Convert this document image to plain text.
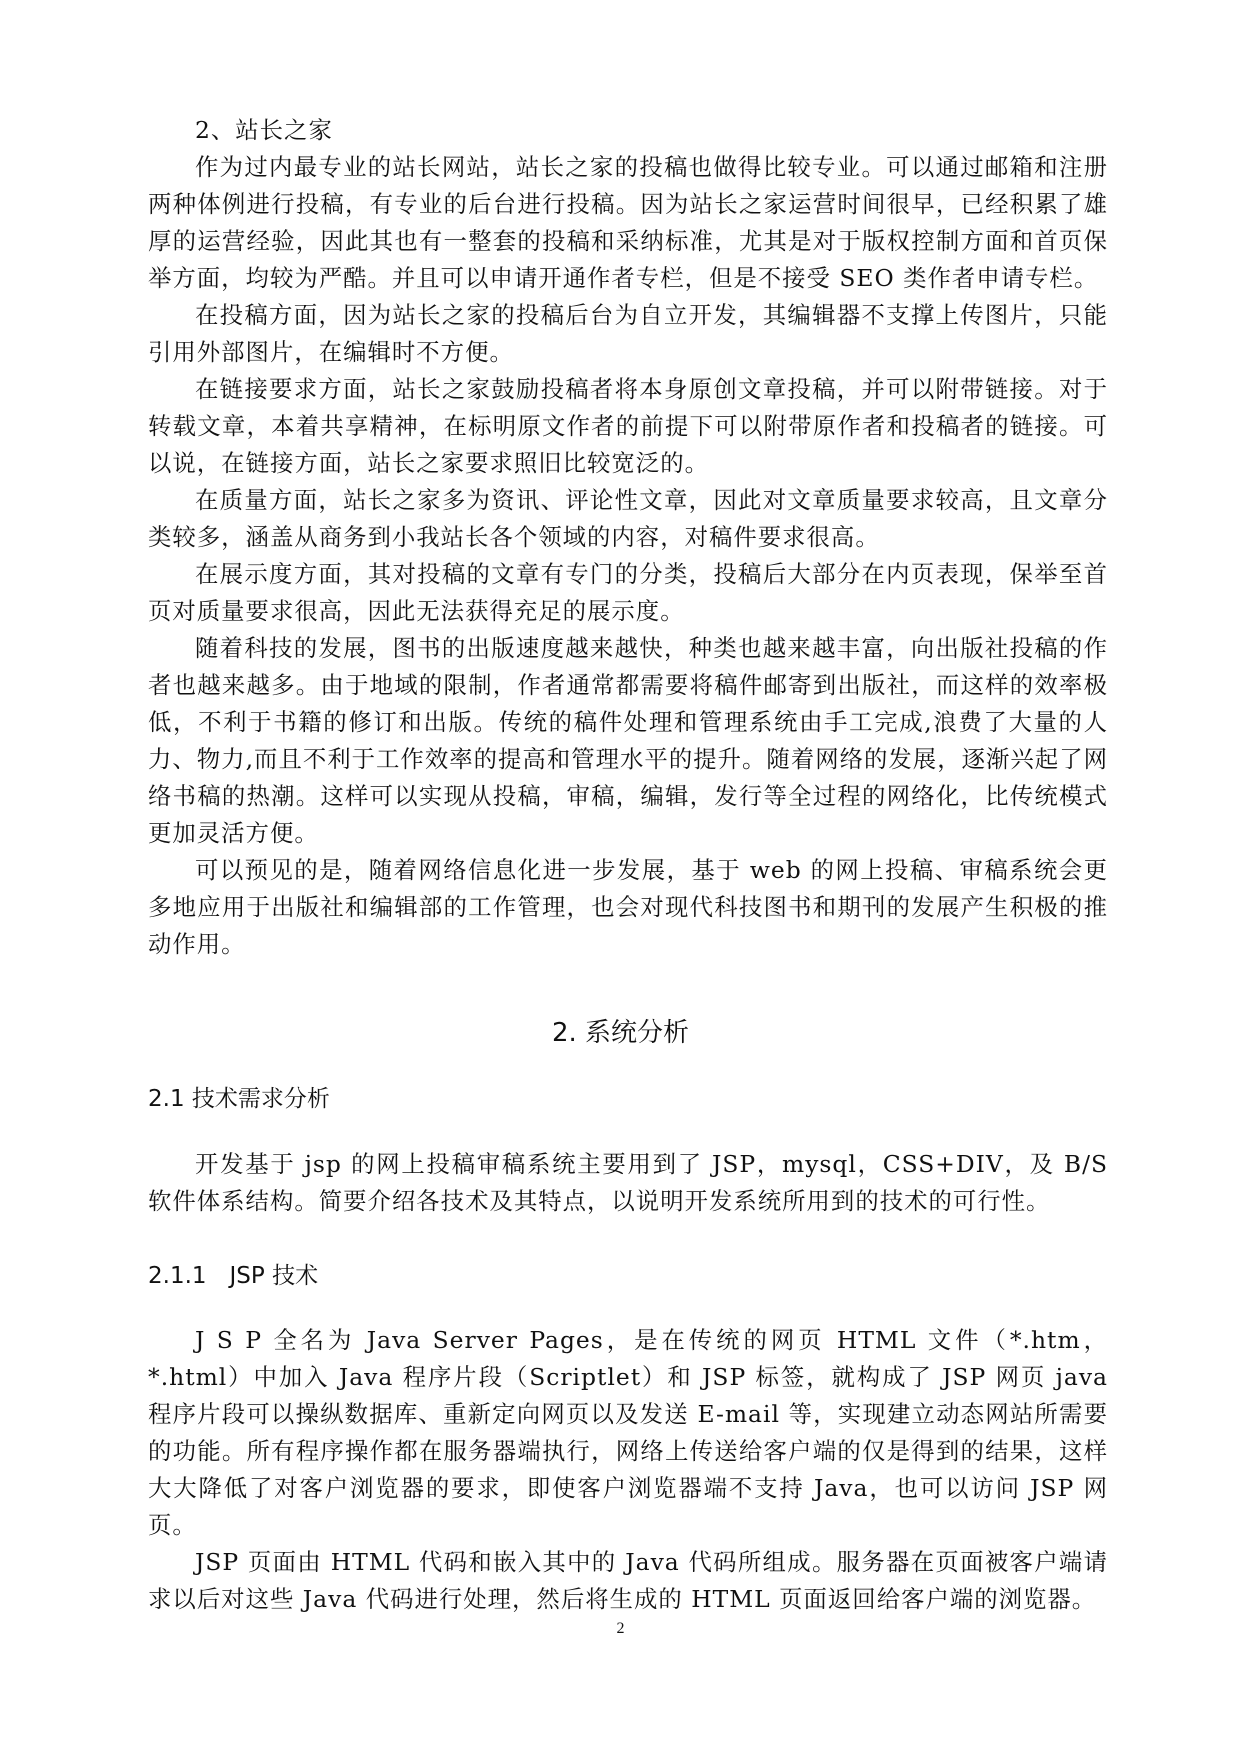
2、站长之家

作为过内最专业的站长网站，站长之家的投稿也做得比较专业。可以通过邮箱和注册两种体例进行投稿，有专业的后台进行投稿。因为站长之家运营时间很早，已经积累了雄厚的运营经验，因此其也有一整套的投稿和采纳标准，尤其是对于版权控制方面和首页保举方面，均较为严酷。并且可以申请开通作者专栏，但是不接受 SEO 类作者申请专栏。

在投稿方面，因为站长之家的投稿后台为自立开发，其编辑器不支撑上传图片，只能引用外部图片，在编辑时不方便。

在链接要求方面，站长之家鼓励投稿者将本身原创文章投稿，并可以附带链接。对于转载文章，本着共享精神，在标明原文作者的前提下可以附带原作者和投稿者的链接。可以说，在链接方面，站长之家要求照旧比较宽泛的。

在质量方面，站长之家多为资讯、评论性文章，因此对文章质量要求较高，且文章分类较多，涵盖从商务到小我站长各个领域的内容，对稿件要求很高。

在展示度方面，其对投稿的文章有专门的分类，投稿后大部分在内页表现，保举至首页对质量要求很高，因此无法获得充足的展示度。

随着科技的发展，图书的出版速度越来越快，种类也越来越丰富，向出版社投稿的作者也越来越多。由于地域的限制，作者通常都需要将稿件邮寄到出版社，而这样的效率极低，不利于书籍的修订和出版。传统的稿件处理和管理系统由手工完成,浪费了大量的人力、物力,而且不利于工作效率的提高和管理水平的提升。随着网络的发展，逐渐兴起了网络书稿的热潮。这样可以实现从投稿，审稿，编辑，发行等全过程的网络化，比传统模式更加灵活方便。

可以预见的是，随着网络信息化进一步发展，基于 web 的网上投稿、审稿系统会更多地应用于出版社和编辑部的工作管理，也会对现代科技图书和期刊的发展产生积极的推动作用。

2. 系统分析
2.1 技术需求分析

开发基于 jsp 的网上投稿审稿系统主要用到了 JSP，mysql，CSS+DIV，及 B/S 软件体系结构。简要介绍各技术及其特点，以说明开发系统所用到的技术的可行性。

2.1.1　JSP 技术

J S P 全名为 Java Server Pages，是在传统的网页 HTML 文件（*.htm，*.html）中加入 Java 程序片段（Scriptlet）和 JSP 标签，就构成了 JSP 网页 java 程序片段可以操纵数据库、重新定向网页以及发送 E-mail 等，实现建立动态网站所需要的功能。所有程序操作都在服务器端执行，网络上传送给客户端的仅是得到的结果，这样大大降低了对客户浏览器的要求，即使客户浏览器端不支持 Java，也可以访问 JSP 网页。

JSP 页面由 HTML 代码和嵌入其中的 Java 代码所组成。服务器在页面被客户端请求以后对这些 Java 代码进行处理，然后将生成的 HTML 页面返回给客户端的浏览器。

2
